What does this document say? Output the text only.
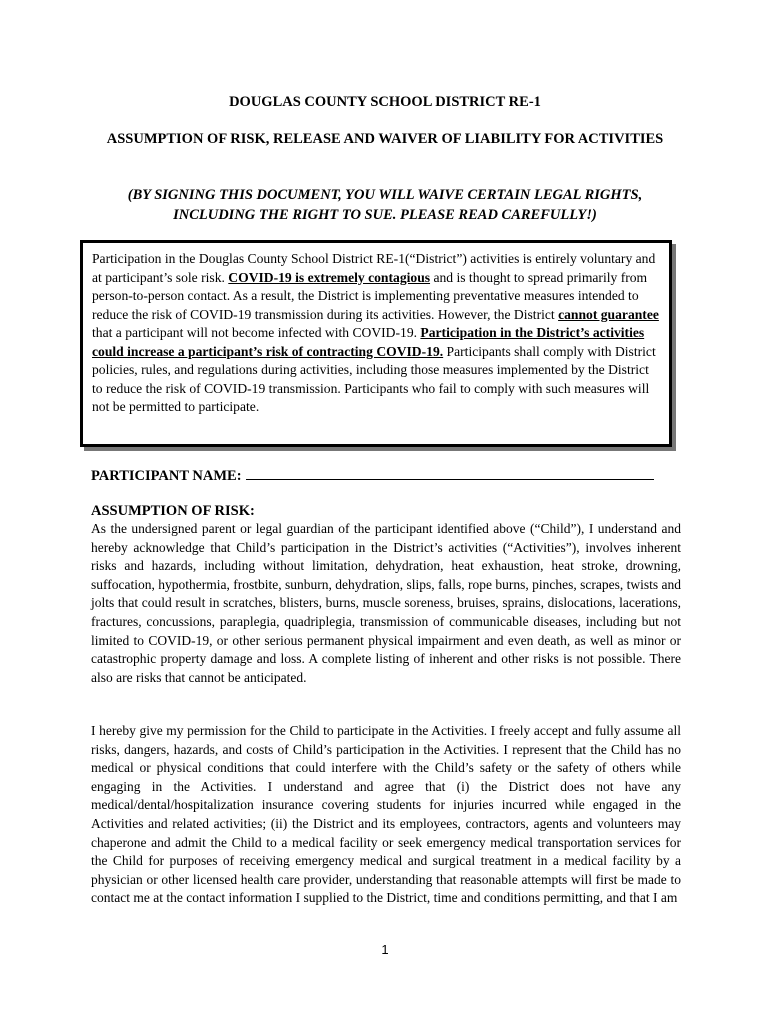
DOUGLAS COUNTY SCHOOL DISTRICT RE-1
ASSUMPTION OF RISK, RELEASE AND WAIVER OF LIABILITY FOR ACTIVITIES
(BY SIGNING THIS DOCUMENT, YOU WILL WAIVE CERTAIN LEGAL RIGHTS,
INCLUDING THE RIGHT TO SUE. PLEASE READ CAREFULLY!)
Participation in the Douglas County School District RE-1(“District”) activities is entirely voluntary and at participant’s sole risk. COVID-19 is extremely contagious and is thought to spread primarily from person-to-person contact. As a result, the District is implementing preventative measures intended to reduce the risk of COVID-19 transmission during its activities. However, the District cannot guarantee that a participant will not become infected with COVID-19. Participation in the District’s activities could increase a participant’s risk of contracting COVID-19. Participants shall comply with District policies, rules, and regulations during activities, including those measures implemented by the District to reduce the risk of COVID-19 transmission. Participants who fail to comply with such measures will not be permitted to participate.
PARTICIPANT NAME:
ASSUMPTION OF RISK:
As the undersigned parent or legal guardian of the participant identified above (“Child”), I understand and hereby acknowledge that Child’s participation in the District’s activities (“Activities”), involves inherent risks and hazards, including without limitation, dehydration, heat exhaustion, heat stroke, drowning, suffocation, hypothermia, frostbite, sunburn, dehydration, slips, falls, rope burns, pinches, scrapes, twists and jolts that could result in scratches, blisters, burns, muscle soreness, bruises, sprains, dislocations, lacerations, fractures, concussions, paraplegia, quadriplegia, transmission of communicable diseases, including but not limited to COVID-19, or other serious permanent physical impairment and even death, as well as minor or catastrophic property damage and loss. A complete listing of inherent and other risks is not possible. There also are risks that cannot be anticipated.
I hereby give my permission for the Child to participate in the Activities. I freely accept and fully assume all risks, dangers, hazards, and costs of Child’s participation in the Activities. I represent that the Child has no medical or physical conditions that could interfere with the Child’s safety or the safety of others while engaging in the Activities. I understand and agree that (i) the District does not have any medical/dental/hospitalization insurance covering students for injuries incurred while engaged in the Activities and related activities; (ii) the District and its employees, contractors, agents and volunteers may chaperone and admit the Child to a medical facility or seek emergency medical transportation services for the Child for purposes of receiving emergency medical and surgical treatment in a medical facility by a physician or other licensed health care provider, understanding that reasonable attempts will first be made to contact me at the contact information I supplied to the District, time and conditions permitting, and that I am
1
